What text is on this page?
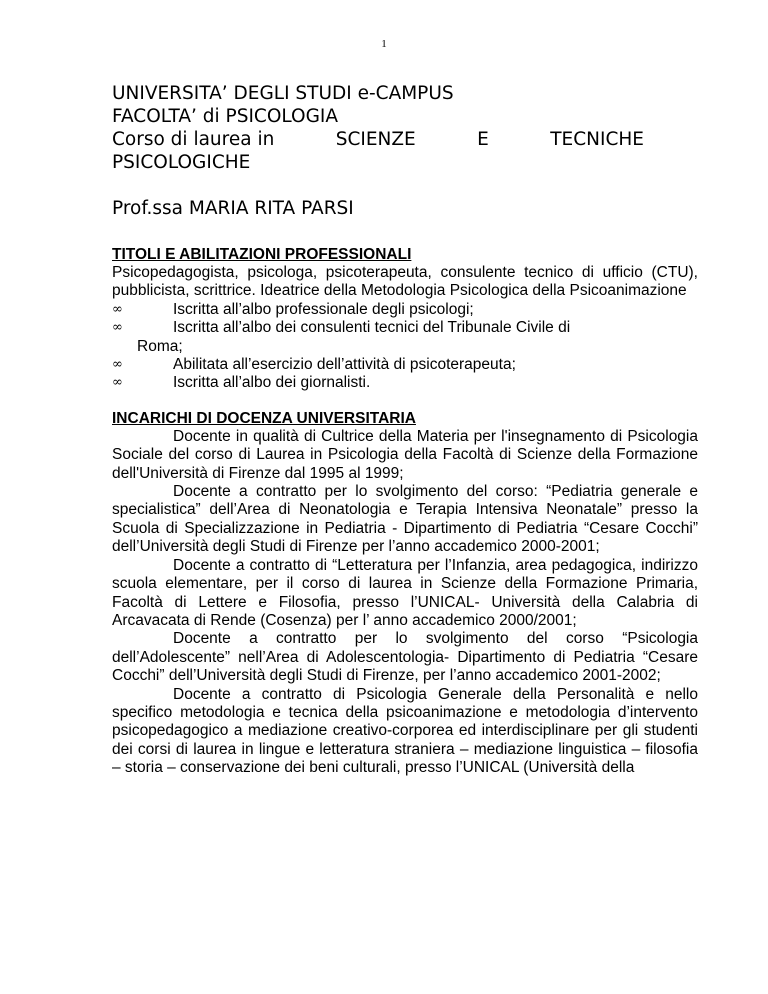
1
UNIVERSITA’ DEGLI STUDI e-CAMPUS
FACOLTA’ di PSICOLOGIA
Corso di laurea in	SCIENZE	E	TECNICHE
PSICOLOGICHE
Prof.ssa MARIA RITA PARSI
TITOLI E ABILITAZIONI PROFESSIONALI

Psicopedagogista, psicologa, psicoterapeuta, consulente tecnico di ufficio (CTU), pubblicista, scrittrice. Ideatrice della Metodologia Psicologica della Psicoanimazione

∞	Iscritta all’albo professionale degli psicologi;
∞	Iscritta all’albo dei consulenti tecnici del Tribunale Civile di
Roma;
∞	Abilitata all’esercizio dell’attività di psicoterapeuta;
∞	Iscritta all’albo dei giornalisti.
INCARICHI DI DOCENZA UNIVERSITARIA

Docente in qualità di Cultrice della Materia per l'insegnamento di Psicologia Sociale del corso di Laurea in Psicologia della Facoltà di Scienze della Formazione dell'Università di Firenze dal 1995 al 1999;

Docente a contratto per lo svolgimento del corso: “Pediatria generale e specialistica” dell’Area di Neonatologia e Terapia Intensiva Neonatale” presso la Scuola di Specializzazione in Pediatria - Dipartimento di Pediatria “Cesare Cocchi” dell’Università degli Studi di Firenze per l’anno accademico 2000-2001;

Docente a contratto di “Letteratura per l’Infanzia, area pedagogica, indirizzo scuola elementare, per il corso di laurea in Scienze della Formazione Primaria, Facoltà di Lettere e Filosofia, presso l’UNICAL- Università della Calabria di Arcavacata di Rende (Cosenza) per l’ anno accademico 2000/2001;

Docente a contratto per lo svolgimento del corso “Psicologia dell’Adolescente” nell’Area di Adolescentologia- Dipartimento di Pediatria “Cesare Cocchi” dell’Università degli Studi di Firenze, per l’anno accademico 2001-2002;

Docente a contratto di Psicologia Generale della Personalità e nello specifico metodologia e tecnica della psicoanimazione e metodologia d’intervento psicopedagogico a mediazione creativo-corporea ed interdisciplinare per gli studenti dei corsi di laurea in lingue e letteratura straniera – mediazione linguistica – filosofia – storia – conservazione dei beni culturali, presso l’UNICAL (Università della
